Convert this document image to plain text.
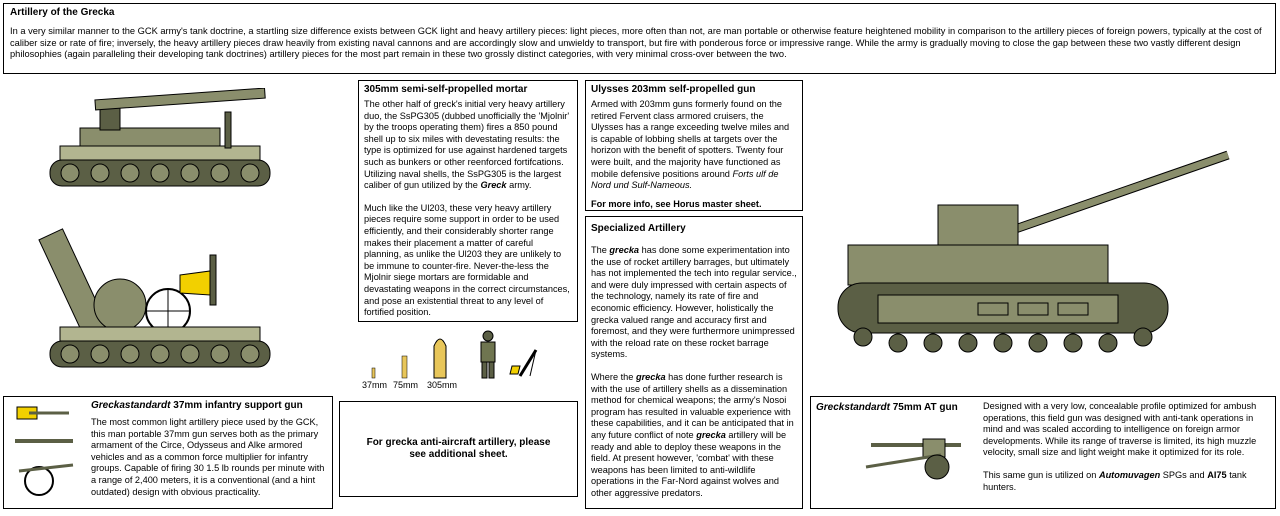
Artillery of the Grecka

In a very similar manner to the GCK army's tank doctrine, a startling size difference exists between GCK light and heavy artillery pieces: light pieces, more often than not, are man portable or otherwise feature heightened mobility in comparison to the artillery pieces of foreign powers, typically at the cost of caliber size or rate of fire; inversely, the heavy artillery pieces draw heavily from existing naval cannons and are accordingly slow and unwieldy to transport, but fire with ponderous force or impressive range. While the army is gradually moving to close the gap between these two vastly different design philosophies (again paralleling their developing tank doctrines) artillery pieces for the most part remain in these two grossly distinct categories, with very minimal cross-over between the two.

305mm semi-self-propelled mortar

The other half of greck's initial very heavy artillery duo, the SsPG305 (dubbed unofficially the 'Mjolnir' by the troops operating them) fires a 850 pound shell up to six miles with devestating results: the type is optimized for use against hardened targets such as bunkers or other reenforced fortifcations. Utilizing naval shells, the SsPG305 is the largest caliber of gun utilized by the Greck army.

Much like the Ul203, these very heavy artillery pieces require some support in order to be used efficiently, and their considerably shorter range makes their placement a matter of careful planning, as unlike the Ul203 they are unlikely to be immune to counter-fire. Never-the-less the Mjolnir siege mortars are formidable and devastating weapons in the correct circumstances, and pose an existential threat to any level of fortified position.

37mm 75mm 305mm
Ulysses 203mm self-propelled gun

Armed with 203mm guns formerly found on the retired Fervent class armored cruisers, the Ulysses has a range exceeding twelve miles and is capable of lobbing shells at targets over the horizon with the benefit of spotters. Twenty four were built, and the majority have functioned as mobile defensive positions around Forts ulf de Nord und Sulf-Nameous.

For more info, see Horus master sheet.

Specialized Artillery

The grecka has done some experimentation into the use of rocket artillery barrages, but ultimately has not implemented the tech into regular service., and were duly impressed with certain aspects of the technology, namely its rate of fire and economic efficiency. However, holistically the grecka valued range and accuracy first and foremost, and they were furthermore unimpressed with the reload rate on these rocket barrage systems.

Where the grecka has done further research is with the use of artillery shells as a dissemination method for chemical weapons; the army's Nosoi program has resulted in valuable experience with these capabilities, and it can be anticipated that in any future conflict of note grecka artillery will be ready and able to deploy these weapons in the field. At present however, 'combat' with these weapons has been limited to anti-wildlife operations in the Far-Nord against wolves and other aggressive predators.

Greckastandardt 37mm infantry support gun

The most common light artillery piece used by the GCK, this man portable 37mm gun serves both as the primary armament of the Circe, Odysseus and Alke armored vehicles and as a common force multiplier for infantry groups. Capable of firing 30 1.5 lb rounds per minute with a range of 2,400 meters, it is a conventional (and a hint outdated) design with obvious practicality.

For grecka anti-aircraft artillery, please see additional sheet.
Greckstandardt 75mm AT gun	Designed with a very low, concealable profile optimized for ambush operations, this field gun was designed with anti-tank operations in mind and was scaled according to intelligence on foreign armor developments. While its range of traverse is limited, its high muzzle velocity, small size and light weight make it optimized for its role.

This same gun is utilized on Automuvagen SPGs and AI75 tank hunters.
